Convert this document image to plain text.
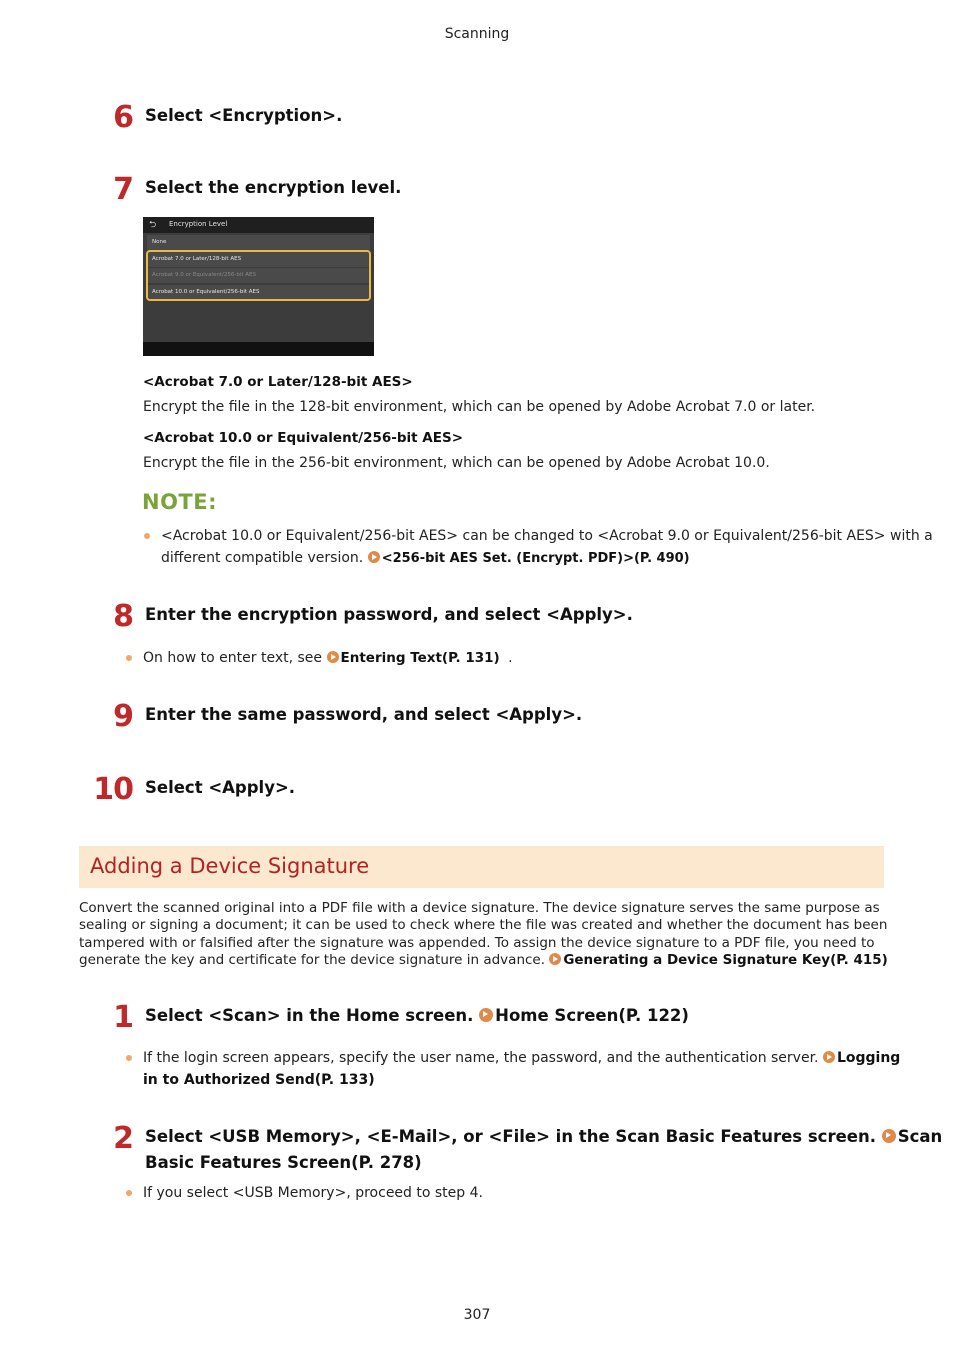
Scanning
6 Select <Encryption>.
7 Select the encryption level.
⮌	Encryption Level
None
Acrobat 7.0 or Later/128-bit AES
Acrobat 9.0 or Equivalent/256-bit AES
Acrobat 10.0 or Equivalent/256-bit AES
<Acrobat 7.0 or Later/128-bit AES>
Encrypt the file in the 128-bit environment, which can be opened by Adobe Acrobat 7.0 or later.
<Acrobat 10.0 or Equivalent/256-bit AES>
Encrypt the file in the 256-bit environment, which can be opened by Adobe Acrobat 10.0.
NOTE:
<Acrobat 10.0 or Equivalent/256-bit AES> can be changed to <Acrobat 9.0 or Equivalent/256-bit AES> with a
different compatible version. <256-bit AES Set. (Encrypt. PDF)>(P. 490)
8 Enter the encryption password, and select <Apply>.
On how to enter text, see Entering Text(P. 131) .
9 Enter the same password, and select <Apply>.
10 Select <Apply>.
Adding a Device Signature
Convert the scanned original into a PDF file with a device signature. The device signature serves the same purpose as
sealing or signing a document; it can be used to check where the file was created and whether the document has been
tampered with or falsified after the signature was appended. To assign the device signature to a PDF file, you need to
generate the key and certificate for the device signature in advance. Generating a Device Signature Key(P. 415)
1 Select <Scan> in the Home screen. Home Screen(P. 122)
If the login screen appears, specify the user name, the password, and the authentication server. Logging
in to Authorized Send(P. 133)
2 Select <USB Memory>, <E-Mail>, or <File> in the Scan Basic Features screen. Scan
Basic Features Screen(P. 278)
If you select <USB Memory>, proceed to step 4.
307
